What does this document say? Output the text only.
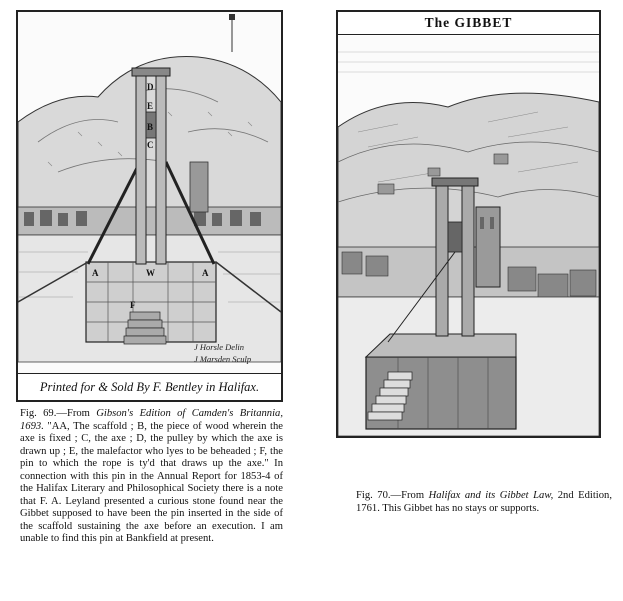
D
E
B
C
A	W	A
F
J Horsle Delin
J Marsden Sculp
Printed for & Sold By F. Bentley in Halifax.
The GIBBET
Fig. 69.—From Gibson's Edition of Camden's Britannia, 1693. "AA, The scaffold ; B, the piece of wood wherein the axe is fixed ; C, the axe ; D, the pulley by which the axe is drawn up ; E, the malefactor who lyes to be beheaded ; F, the pin to which the rope is ty'd that draws up the axe." In connection with this pin in the Annual Report for 1853-4 of the Halifax Literary and Philosophical Society there is a note that F. A. Leyland presented a curious stone found near the Gibbet supposed to have been the pin inserted in the side of the scaffold sustaining the axe before an execution. I am unable to find this pin at Bankfield at present.
Fig. 70.—From Halifax and its Gibbet Law, 2nd Edition, 1761. This Gibbet has no stays or supports.
